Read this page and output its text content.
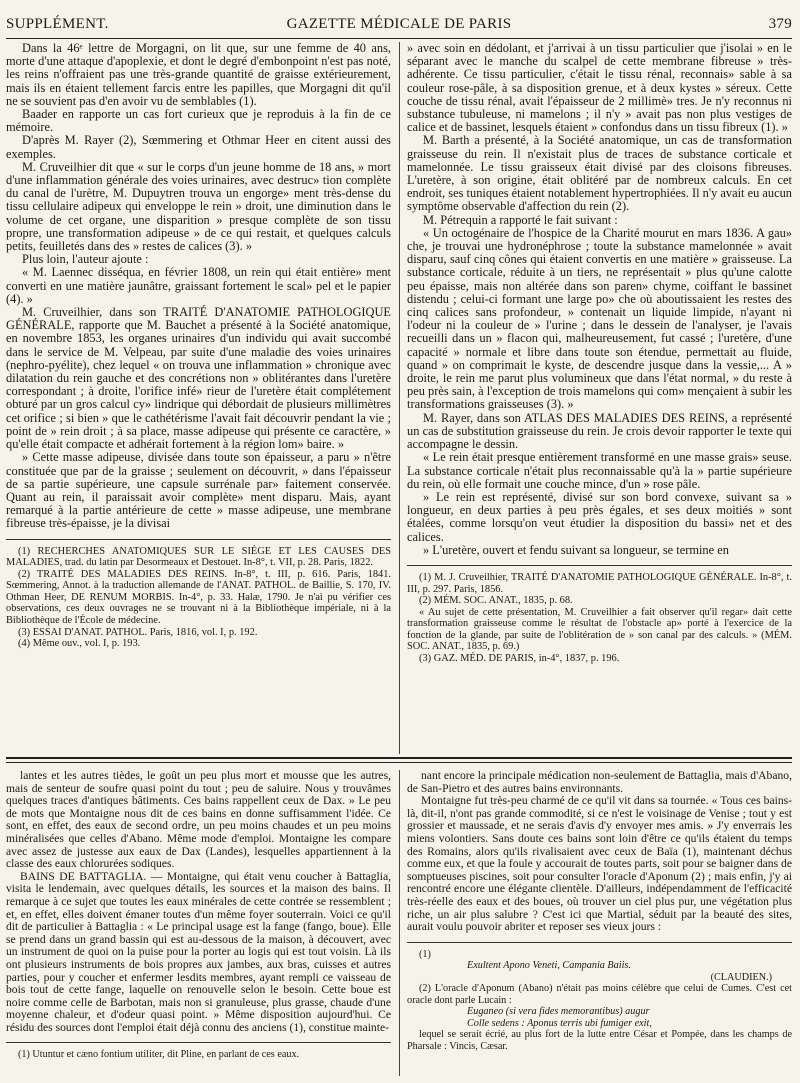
SUPPLÉMENT.	GAZETTE MÉDICALE DE PARIS	379

Dans la 46ᵉ lettre de Morgagni, on lit que, sur une femme de 40 ans, morte d'une attaque d'apoplexie, et dont le degré d'embonpoint n'est pas noté, les reins n'offraient pas une très-grande quantité de graisse extérieurement, mais ils en étaient tellement farcis entre les papilles, que Morgagni dit qu'il ne se souvient pas d'en avoir vu de semblables (1).

Baader en rapporte un cas fort curieux que je reproduis à la fin de ce mémoire.

D'après M. Rayer (2), Sœmmering et Othmar Heer en citent aussi des exemples.

M. Cruveilhier dit que « sur le corps d'un jeune homme de 18 ans, » mort d'une inflammation générale des voies urinaires, avec destruc» tion complète du canal de l'urètre, M. Dupuytren trouva un engorge» ment très-dense du tissu cellulaire adipeux qui enveloppe le rein » droit, une diminution dans le volume de cet organe, une disparition » presque complète de son tissu propre, une transformation adipeuse » de ce qui restait, et quelques calculs petits, feuilletés dans des » restes de calices (3). »

Plus loin, l'auteur ajoute :

« M. Laennec disséqua, en février 1808, un rein qui était entière» ment converti en une matière jaunâtre, graissant fortement le scal» pel et le papier (4). »

M. Cruveilhier, dans son TRAITÉ D'ANATOMIE PATHOLOGIQUE GÉNÉRALE, rapporte que M. Bauchet a présenté à la Société anatomique, en novembre 1853, les organes urinaires d'un individu qui avait succombé dans le service de M. Velpeau, par suite d'une maladie des voies urinaires (nephro-pyélite), chez lequel « on trouva une inflammation » chronique avec dilatation du rein gauche et des concrétions non » oblitérantes dans l'uretère correspondant ; à droite, l'orifice infé» rieur de l'uretère était complétement obturé par un gros calcul cy» lindrique qui débordait de plusieurs millimètres cet orifice ; si bien » que le cathétérisme l'avait fait découvrir pendant la vie ; point de » rein droit ; à sa place, masse adipeuse qui présente ce caractère, » qu'elle était compacte et adhérait fortement à la région lom» baire. »

» Cette masse adipeuse, divisée dans toute son épaisseur, a paru » n'être constituée que par de la graisse ; seulement on découvrit, » dans l'épaisseur de sa partie supérieure, une capsule surrénale par» faitement conservée. Quant au rein, il paraissait avoir complète» ment disparu. Mais, ayant remarqué à la partie antérieure de cette » masse adipeuse, une membrane fibreuse très-épaisse, je la divisai

(1) RECHERCHES ANATOMIQUES SUR LE SIÉGE ET LES CAUSES DES MALADIES, trad. du latin par Desormeaux et Destouet. In-8°, t. VII, p. 28. Paris, 1822.

(2) TRAITÉ DES MALADIES DES REINS. In-8°, t. III, p. 616. Paris, 1841. Sœmmering, Annot. à la traduction allemande de l'ANAT. PATHOL. de Baillie, S. 170, IV. Othman Heer, DE RENUM MORBIS. In-4°, p. 33. Halæ, 1790. Je n'ai pu vérifier ces observations, ces deux ouvrages ne se trouvant ni à la Bibliothèque impériale, ni à la Bibliothèque de l'École de médecine.

(3) ESSAI D'ANAT. PATHOL. Paris, 1816, vol. I, p. 192.

(4) Même ouv., vol. I, p. 193.

» avec soin en dédolant, et j'arrivai à un tissu particulier que j'isolai » en le séparant avec le manche du scalpel de cette membrane fibreuse » très-adhérente. Ce tissu particulier, c'était le tissu rénal, reconnais» sable à sa couleur rose-pâle, à sa disposition grenue, et à deux kystes » séreux. Cette couche de tissu rénal, avait l'épaisseur de 2 millimè» tres. Je n'y reconnus ni substance tubuleuse, ni mamelons ; il n'y » avait pas non plus vestiges de calice et de bassinet, lesquels étaient » confondus dans un tissu fibreux (1). »

M. Barth a présenté, à la Société anatomique, un cas de transformation graisseuse du rein. Il n'existait plus de traces de substance corticale et mamelonnée. Le tissu graisseux était divisé par des cloisons fibreuses. L'uretère, à son origine, était oblitéré par de nombreux calculs. En cet endroit, ses tuniques étaient notablement hypertrophiées. Il n'y avait eu aucun symptôme observable d'affection du rein (2).

M. Pétrequin a rapporté le fait suivant :

« Un octogénaire de l'hospice de la Charité mourut en mars 1836. A gau» che, je trouvai une hydronéphrose ; toute la substance mamelonnée » avait disparu, sauf cinq cônes qui étaient convertis en une matière » graisseuse. La substance corticale, réduite à un tiers, ne représentait » plus qu'une calotte peu épaisse, mais non altérée dans son paren» chyme, coiffant le bassinet distendu ; celui-ci formant une large po» che où aboutissaient les restes des cinq calices sans profondeur, » contenait un liquide limpide, n'ayant ni l'odeur ni la couleur de » l'urine ; dans le dessein de l'analyser, je l'avais recueilli dans un » flacon qui, malheureusement, fut cassé ; l'uretère, d'une capacité » normale et libre dans toute son étendue, permettait au fluide, quand » on comprimait le kyste, de descendre jusque dans la vessie,... A » droite, le rein me parut plus volumineux que dans l'état normal, » du reste à peu près sain, à l'exception de trois mamelons qui com» mençaient à subir les transformations graisseuses (3). »

M. Rayer, dans son ATLAS DES MALADIES DES REINS, a représenté un cas de substitution graisseuse du rein. Je crois devoir rapporter le texte qui accompagne le dessin.

« Le rein était presque entièrement transformé en une masse grais» seuse. La substance corticale n'était plus reconnaissable qu'à la » partie supérieure du rein, où elle formait une couche mince, d'un » rose pâle.

» Le rein est représenté, divisé sur son bord convexe, suivant sa » longueur, en deux parties à peu près égales, et ses deux moitiés » sont étalées, comme lorsqu'on veut étudier la disposition du bassi» net et des calices.

» L'uretère, ouvert et fendu suivant sa longueur, se termine en

(1) M. J. Cruveilhier, TRAITÉ D'ANATOMIE PATHOLOGIQUE GÉNÉRALE. In-8°, t. III, p. 297. Paris, 1856.

(2) MÉM. SOC. ANAT., 1835, p. 68.

« Au sujet de cette présentation, M. Cruveilhier a fait observer qu'il regar» dait cette transformation graisseuse comme le résultat de l'obstacle ap» porté à l'exercice de la fonction de la glande, par suite de l'oblitération de » son canal par des calculs. » (MÉM. SOC. ANAT., 1835, p. 69.)

(3) GAZ. MÉD. DE PARIS, in-4°, 1837, p. 196.

lantes et les autres tièdes, le goût un peu plus mort et mousse que les autres, mais de senteur de soufre quasi point du tout ; peu de saluire. Nous y trouvâmes quelques traces d'antiques bâtiments. Ces bains rappellent ceux de Dax. » Le peu de mots que Montaigne nous dit de ces bains en donne suffisamment l'idée. Ce sont, en effet, des eaux de second ordre, un peu moins chaudes et un peu moins minéralisées que celles d'Abano. Même mode d'emploi. Montaigne les compare avec assez de justesse aux eaux de Dax (Landes), lesquelles appartiennent à la classe des eaux chlorurées sodiques.

BAINS DE BATTAGLIA. — Montaigne, qui était venu coucher à Battaglia, visita le lendemain, avec quelques détails, les sources et la maison des bains. Il remarque à ce sujet que toutes les eaux minérales de cette contrée se ressemblent ; et, en effet, elles doivent émaner toutes d'un même foyer souterrain. Voici ce qu'il dit de particulier à Battaglia : « Le principal usage est la fange (fango, boue). Elle se prend dans un grand bassin qui est au-dessous de la maison, à découvert, avec un instrument de quoi on la puise pour la porter au logis qui est tout voisin. Là ils ont plusieurs instruments de bois propres aux jambes, aux bras, cuisses et autres parties, pour y coucher et enfermer lesdits membres, ayant rempli ce vaisseau de bois tout de cette fange, laquelle on renouvelle selon le besoin. Cette boue est noire comme celle de Barbotan, mais non si granuleuse, plus grasse, chaude d'une moyenne chaleur, et d'odeur quasi point. » Même disposition aujourd'hui. Ce résidu des sources dont l'emploi était déjà connu des anciens (1), constitue mainte-

(1) Utuntur et cæno fontium utiliter, dit Pline, en parlant de ces eaux.

nant encore la principale médication non-seulement de Battaglia, mais d'Abano, de San-Pietro et des autres bains environnants.

Montaigne fut très-peu charmé de ce qu'il vit dans sa tournée. « Tous ces bains-là, dit-il, n'ont pas grande commodité, si ce n'est le voisinage de Venise ; tout y est grossier et maussade, et ne serais d'avis d'y envoyer mes amis. » J'y enverrais les miens volontiers. Sans doute ces bains sont loin d'être ce qu'ils étaient du temps des Romains, alors qu'ils rivalisaient avec ceux de Baïa (1), maintenant déchus comme eux, et que la foule y accourait de toutes parts, soit pour se baigner dans de somptueuses piscines, soit pour consulter l'oracle d'Aponum (2) ; mais enfin, j'y ai rencontré encore une élégante clientèle. D'ailleurs, indépendamment de l'efficacité très-réelle des eaux et des boues, où trouver un ciel plus pur, une végétation plus riche, un air plus salubre ? C'est ici que Martial, séduit par la beauté des sites, aurait voulu pouvoir abriter et reposer ses vieux jours :

(1)

Exultent Apono Veneti, Campania Baiis.

(CLAUDIEN.)

(2) L'oracle d'Aponum (Abano) n'était pas moins célèbre que celui de Cumes. C'est cet oracle dont parle Lucain :

Euganeo (si vera fides memorantibus) augur

Colle sedens : Aponus terris ubi fumiger exit,

lequel se serait écrié, au plus fort de la lutte entre César et Pompée, dans les champs de Pharsale : Vincis, Cæsar.
